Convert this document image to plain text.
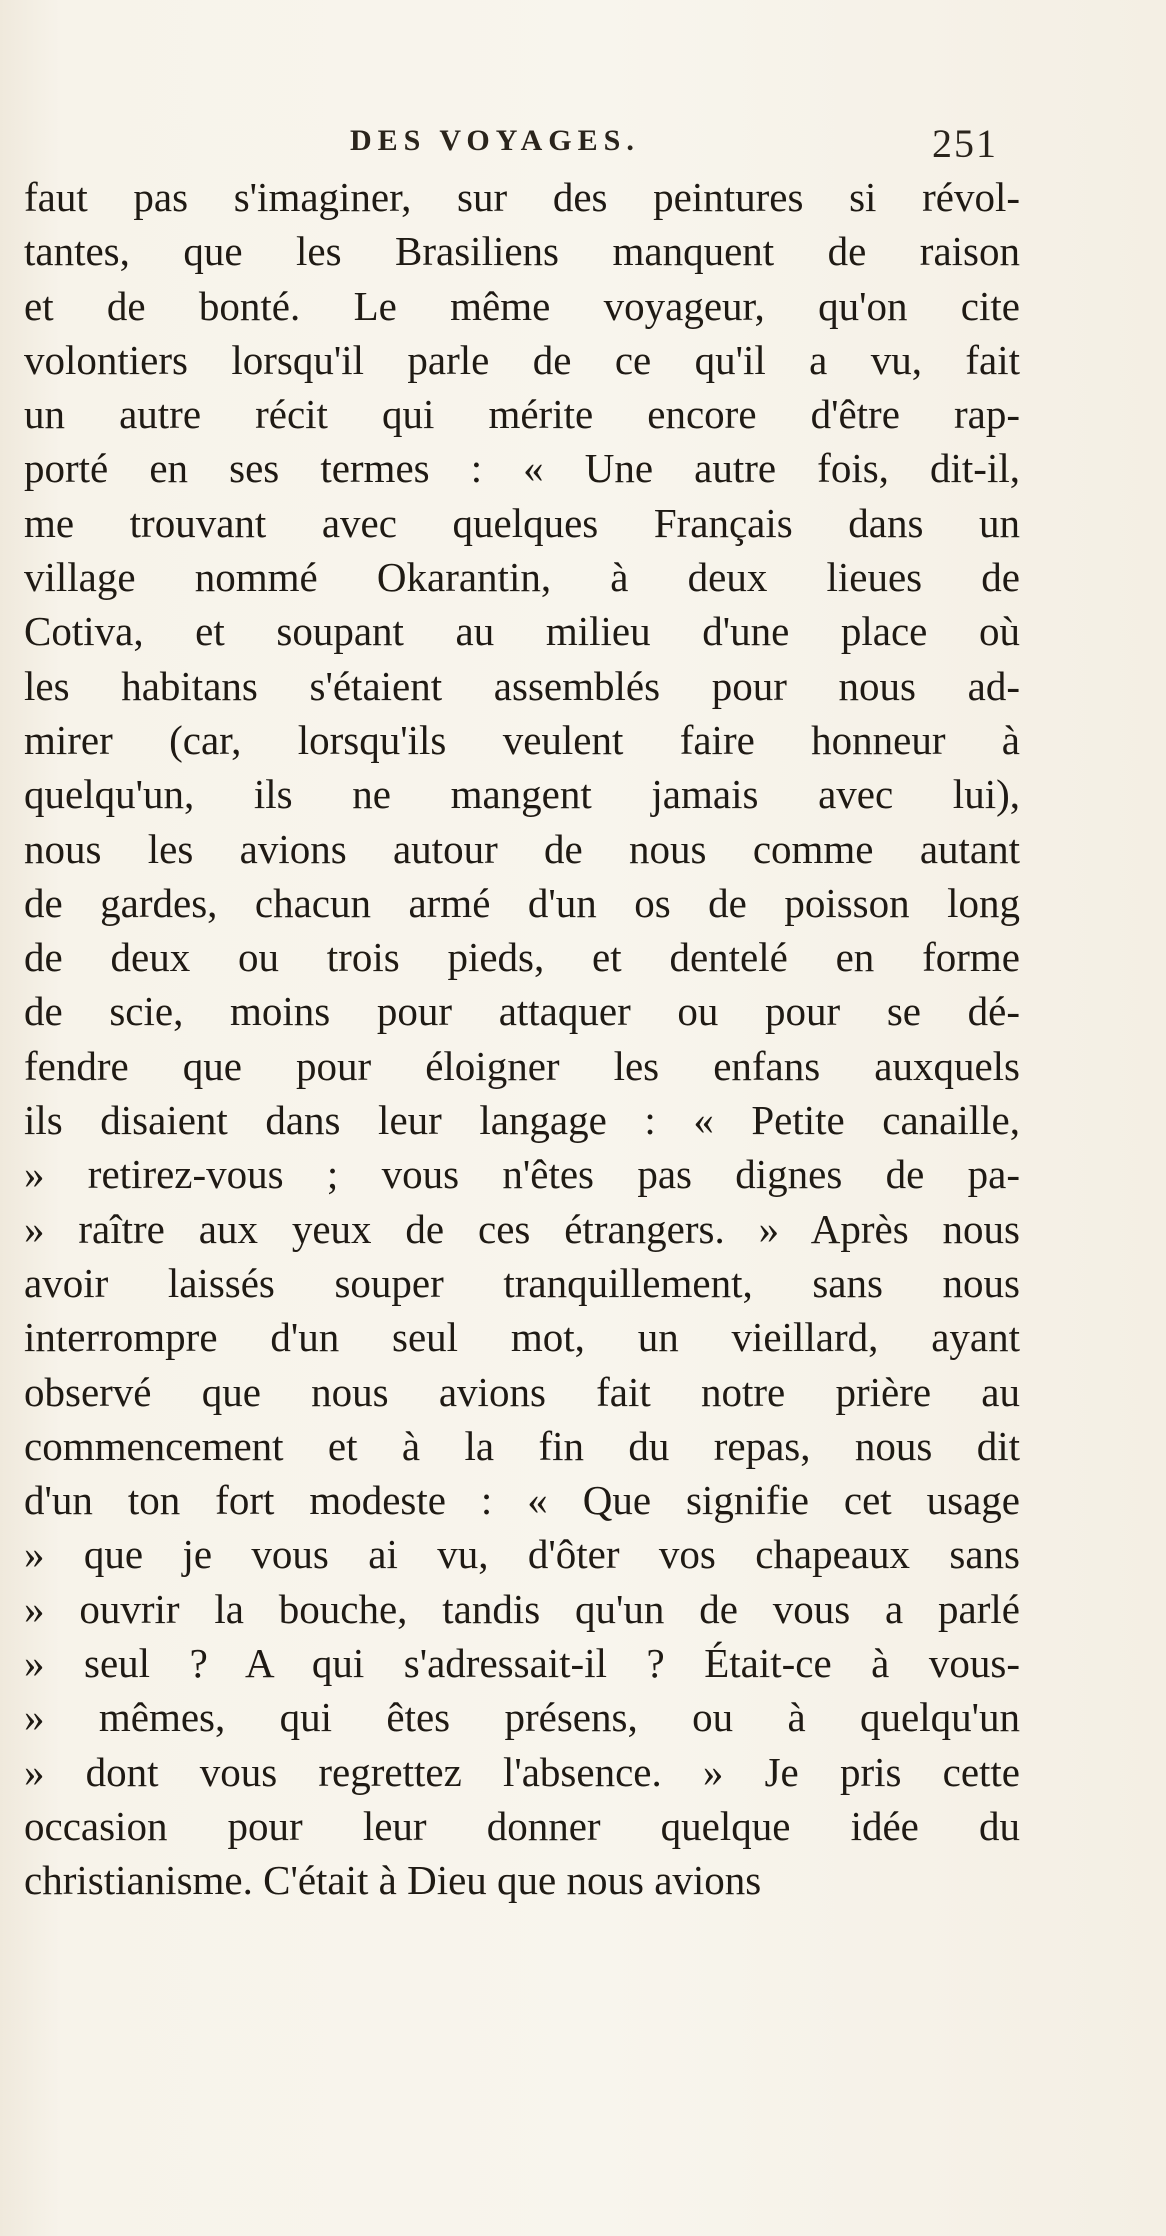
DES VOYAGES.	251
faut pas s'imaginer, sur des peintures si révol-
tantes, que les Brasiliens manquent de raison
et de bonté. Le même voyageur, qu'on cite
volontiers lorsqu'il parle de ce qu'il a vu, fait
un autre récit qui mérite encore d'être rap-
porté en ses termes : « Une autre fois, dit-il,
me trouvant avec quelques Français dans un
village nommé Okarantin, à deux lieues de
Cotiva, et soupant au milieu d'une place où
les habitans s'étaient assemblés pour nous ad-
mirer (car, lorsqu'ils veulent faire honneur à
quelqu'un, ils ne mangent jamais avec lui),
nous les avions autour de nous comme autant
de gardes, chacun armé d'un os de poisson long
de deux ou trois pieds, et dentelé en forme
de scie, moins pour attaquer ou pour se dé-
fendre que pour éloigner les enfans auxquels
ils disaient dans leur langage : « Petite canaille,
» retirez-vous ; vous n'êtes pas dignes de pa-
» raître aux yeux de ces étrangers. » Après nous
avoir laissés souper tranquillement, sans nous
interrompre d'un seul mot, un vieillard, ayant
observé que nous avions fait notre prière au
commencement et à la fin du repas, nous dit
d'un ton fort modeste : « Que signifie cet usage
» que je vous ai vu, d'ôter vos chapeaux sans
» ouvrir la bouche, tandis qu'un de vous a parlé
» seul ? A qui s'adressait-il ? Était-ce à vous-
» mêmes, qui êtes présens, ou à quelqu'un
» dont vous regrettez l'absence. » Je pris cette
occasion pour leur donner quelque idée du
christianisme. C'était à Dieu que nous avions
